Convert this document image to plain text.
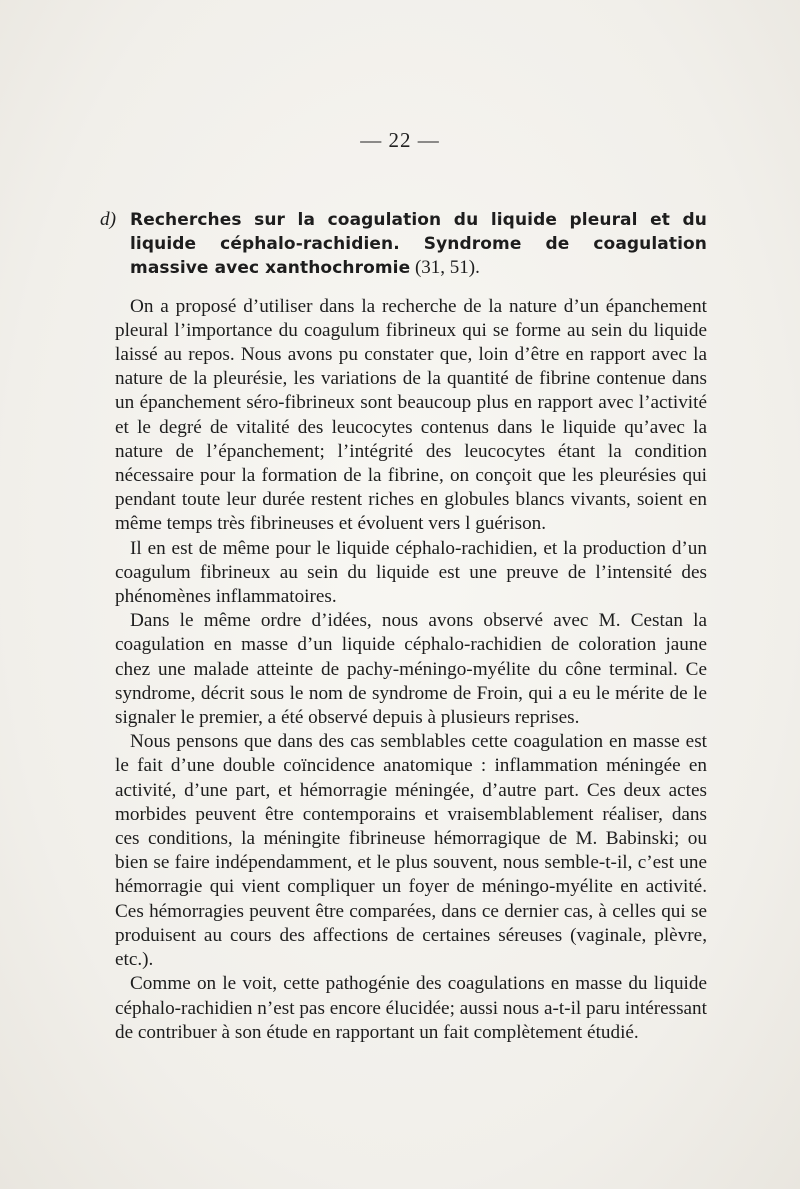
— 22 —

d) Recherches sur la coagulation du liquide pleural et du liquide céphalo-rachidien. Syndrome de coagulation massive avec xanthochromie (31, 51).

On a proposé d’utiliser dans la recherche de la nature d’un épanchement pleural l’importance du coagulum fibrineux qui se forme au sein du liquide laissé au repos. Nous avons pu constater que, loin d’être en rapport avec la nature de la pleurésie, les variations de la quantité de fibrine contenue dans un épanchement séro-fibrineux sont beaucoup plus en rapport avec l’activité et le degré de vitalité des leucocytes contenus dans le liquide qu’avec la nature de l’épanchement; l’intégrité des leucocytes étant la condition nécessaire pour la formation de la fibrine, on conçoit que les pleurésies qui pendant toute leur durée restent riches en globules blancs vivants, soient en même temps très fibrineuses et évoluent vers l guérison.

Il en est de même pour le liquide céphalo-rachidien, et la production d’un coagulum fibrineux au sein du liquide est une preuve de l’intensité des phénomènes inflammatoires.

Dans le même ordre d’idées, nous avons observé avec M. Cestan la coagulation en masse d’un liquide céphalo-rachidien de coloration jaune chez une malade atteinte de pachy-méningo-myélite du cône terminal. Ce syndrome, décrit sous le nom de syndrome de Froin, qui a eu le mérite de le signaler le premier, a été observé depuis à plusieurs reprises.

Nous pensons que dans des cas semblables cette coagulation en masse est le fait d’une double coïncidence anatomique : inflammation méningée en activité, d’une part, et hémorragie méningée, d’autre part. Ces deux actes morbides peuvent être contemporains et vraisemblablement réaliser, dans ces conditions, la méningite fibrineuse hémorragique de M. Babinski; ou bien se faire indépendamment, et le plus souvent, nous semble-t-il, c’est une hémorragie qui vient compliquer un foyer de méningo-myélite en activité. Ces hémorragies peuvent être comparées, dans ce dernier cas, à celles qui se produisent au cours des affections de certaines séreuses (vaginale, plèvre, etc.).

Comme on le voit, cette pathogénie des coagulations en masse du liquide céphalo-rachidien n’est pas encore élucidée; aussi nous a-t-il paru intéressant de contribuer à son étude en rapportant un fait complètement étudié.
